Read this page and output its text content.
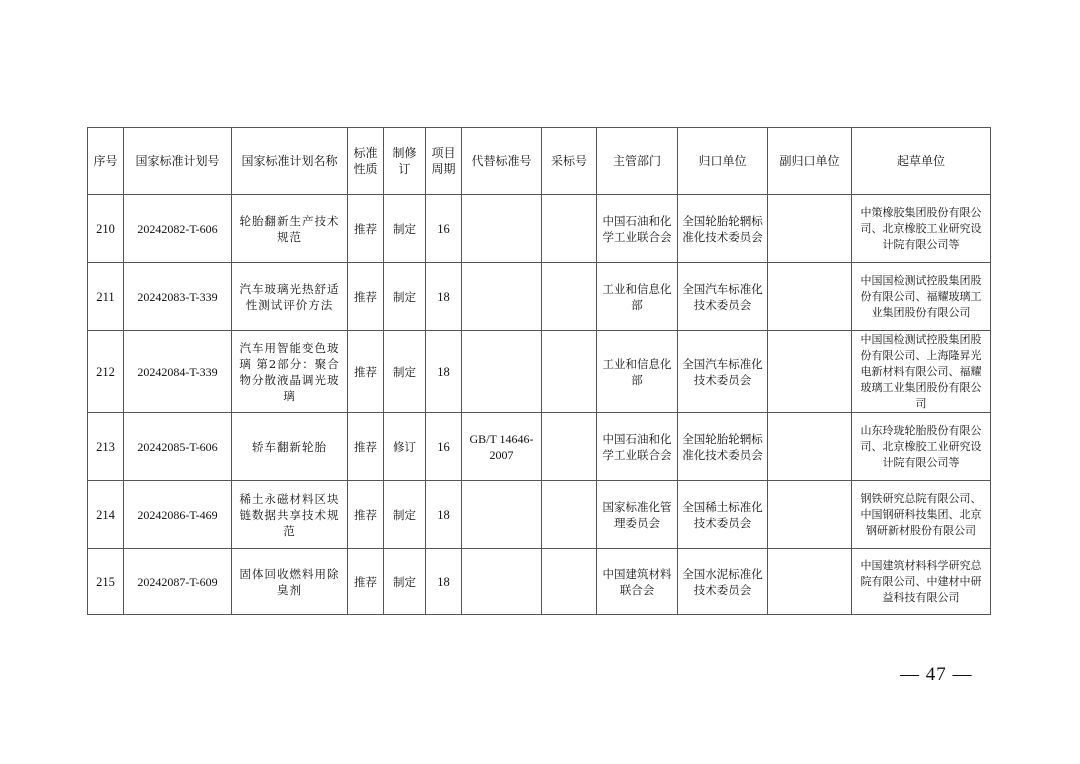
序号	国家标准计划号	国家标准计划名称	标准性质	制修订	项目周期	代替标准号	采标号	主管部门	归口单位	副归口单位	起草单位
210	20242082-T-606	轮胎翻新生产技术规范	推荐	制定	16			中国石油和化学工业联合会	全国轮胎轮辋标准化技术委员会		中策橡胶集团股份有限公司、北京橡胶工业研究设计院有限公司等
211	20242083-T-339	汽车玻璃光热舒适性测试评价方法	推荐	制定	18			工业和信息化部	全国汽车标准化技术委员会		中国国检测试控股集团股份有限公司、福耀玻璃工业集团股份有限公司
212	20242084-T-339	汽车用智能变色玻璃 第2部分：聚合物分散液晶调光玻璃	推荐	制定	18			工业和信息化部	全国汽车标准化技术委员会		中国国检测试控股集团股份有限公司、上海隆昇光电新材料有限公司、福耀玻璃工业集团股份有限公司
213	20242085-T-606	轿车翻新轮胎	推荐	修订	16	GB/T 14646-2007		中国石油和化学工业联合会	全国轮胎轮辋标准化技术委员会		山东玲珑轮胎股份有限公司、北京橡胶工业研究设计院有限公司等
214	20242086-T-469	稀土永磁材料区块链数据共享技术规范	推荐	制定	18			国家标准化管理委员会	全国稀土标准化技术委员会		钢铁研究总院有限公司、中国钢研科技集团、北京钢研新材股份有限公司
215	20242087-T-609	固体回收燃料用除臭剂	推荐	制定	18			中国建筑材料联合会	全国水泥标准化技术委员会		中国建筑材料科学研究总院有限公司、中建材中研益科技有限公司
— 47 —
